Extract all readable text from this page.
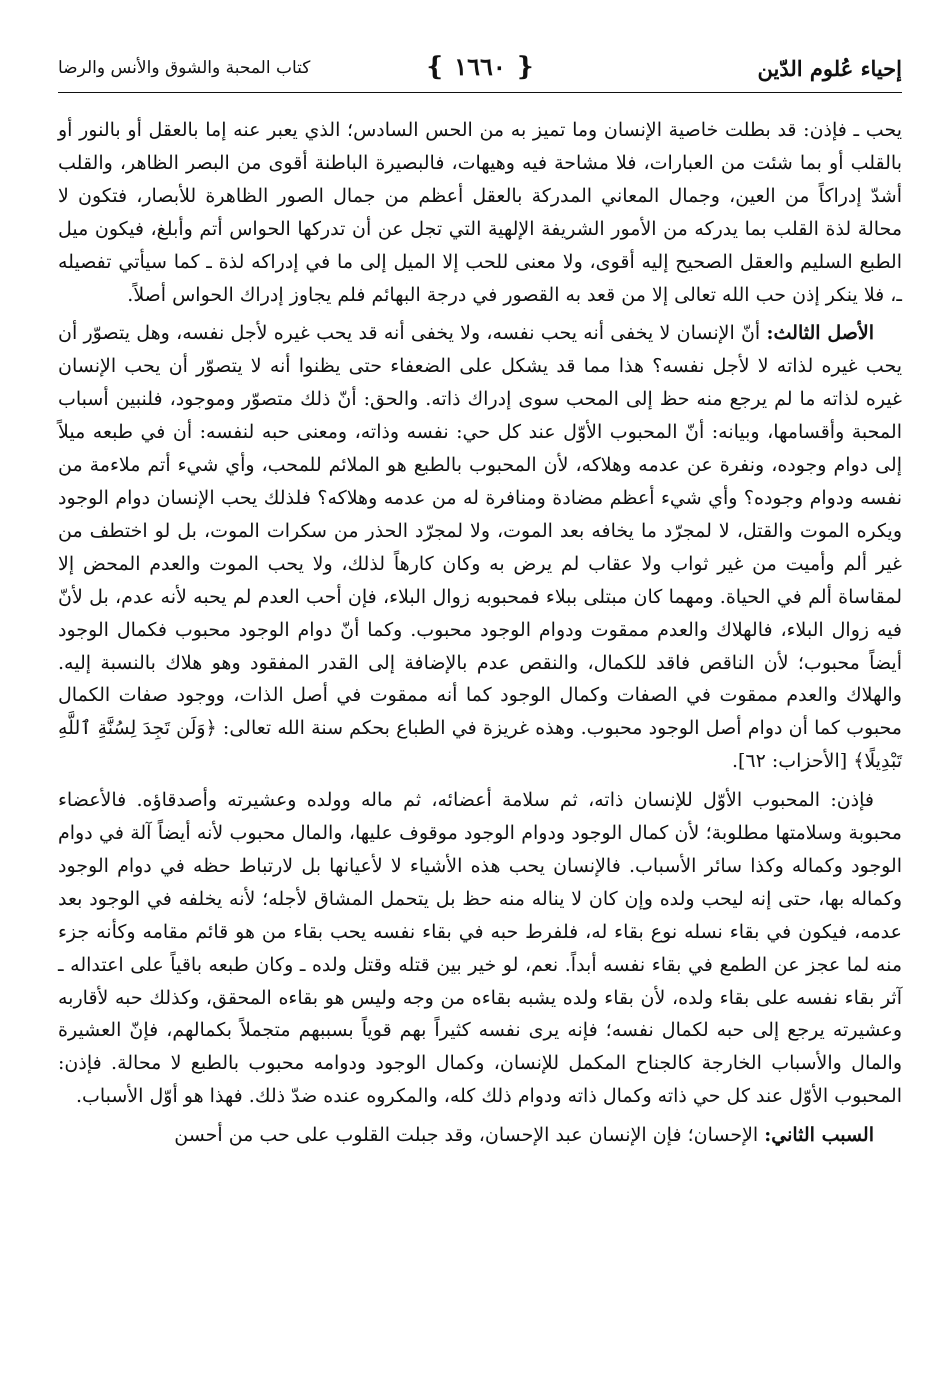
إحياء عُلوم الدّين
❴ ١٦٦٠ ❵
كتاب المحبة والشوق والأنس والرضا

يحب ـ فإذن: قد بطلت خاصية الإنسان وما تميز به من الحس السادس؛ الذي يعبر عنه إما بالعقل أو بالنور أو بالقلب أو بما شئت من العبارات، فلا مشاحة فيه وهيهات، فالبصيرة الباطنة أقوى من البصر الظاهر، والقلب أشدّ إدراكاً من العين، وجمال المعاني المدركة بالعقل أعظم من جمال الصور الظاهرة للأبصار، فتكون لا محالة لذة القلب بما يدركه من الأمور الشريفة الإلهية التي تجل عن أن تدركها الحواس أتم وأبلغ، فيكون ميل الطبع السليم والعقل الصحيح إليه أقوى، ولا معنى للحب إلا الميل إلى ما في إدراكه لذة ـ كما سيأتي تفصيله ـ، فلا ينكر إذن حب الله تعالى إلا من قعد به القصور في درجة البهائم فلم يجاوز إدراك الحواس أصلاً.

الأصل الثالث: أنّ الإنسان لا يخفى أنه يحب نفسه، ولا يخفى أنه قد يحب غيره لأجل نفسه، وهل يتصوّر أن يحب غيره لذاته لا لأجل نفسه؟ هذا مما قد يشكل على الضعفاء حتى يظنوا أنه لا يتصوّر أن يحب الإنسان غيره لذاته ما لم يرجع منه حظ إلى المحب سوى إدراك ذاته. والحق: أنّ ذلك متصوّر وموجود، فلنبين أسباب المحبة وأقسامها، وبيانه: أنّ المحبوب الأوّل عند كل حي: نفسه وذاته، ومعنى حبه لنفسه: أن في طبعه ميلاً إلى دوام وجوده، ونفرة عن عدمه وهلاكه، لأن المحبوب بالطبع هو الملائم للمحب، وأي شيء أتم ملاءمة من نفسه ودوام وجوده؟ وأي شيء أعظم مضادة ومنافرة له من عدمه وهلاكه؟ فلذلك يحب الإنسان دوام الوجود ويكره الموت والقتل، لا لمجرّد ما يخافه بعد الموت، ولا لمجرّد الحذر من سكرات الموت، بل لو اختطف من غير ألم وأميت من غير ثواب ولا عقاب لم يرض به وكان كارهاً لذلك، ولا يحب الموت والعدم المحض إلا لمقاساة ألم في الحياة. ومهما كان مبتلى ببلاء فمحبوبه زوال البلاء، فإن أحب العدم لم يحبه لأنه عدم، بل لأنّ فيه زوال البلاء، فالهلاك والعدم ممقوت ودوام الوجود محبوب. وكما أنّ دوام الوجود محبوب فكمال الوجود أيضاً محبوب؛ لأن الناقص فاقد للكمال، والنقص عدم بالإضافة إلى القدر المفقود وهو هلاك بالنسبة إليه. والهلاك والعدم ممقوت في الصفات وكمال الوجود كما أنه ممقوت في أصل الذات، ووجود صفات الكمال محبوب كما أن دوام أصل الوجود محبوب. وهذه غريزة في الطباع بحكم سنة الله تعالى: ﴿وَلَن تَجِدَ لِسُنَّةِ ٱللَّهِ تَبْدِيلًا﴾ [الأحزاب: ٦٢].

فإذن: المحبوب الأوّل للإنسان ذاته، ثم سلامة أعضائه، ثم ماله وولده وعشيرته وأصدقاؤه. فالأعضاء محبوبة وسلامتها مطلوبة؛ لأن كمال الوجود ودوام الوجود موقوف عليها، والمال محبوب لأنه أيضاً آلة في دوام الوجود وكماله وكذا سائر الأسباب. فالإنسان يحب هذه الأشياء لا لأعيانها بل لارتباط حظه في دوام الوجود وكماله بها، حتى إنه ليحب ولده وإن كان لا يناله منه حظ بل يتحمل المشاق لأجله؛ لأنه يخلفه في الوجود بعد عدمه، فيكون في بقاء نسله نوع بقاء له، فلفرط حبه في بقاء نفسه يحب بقاء من هو قائم مقامه وكأنه جزء منه لما عجز عن الطمع في بقاء نفسه أبداً. نعم، لو خير بين قتله وقتل ولده ـ وكان طبعه باقياً على اعتداله ـ آثر بقاء نفسه على بقاء ولده، لأن بقاء ولده يشبه بقاءه من وجه وليس هو بقاءه المحقق، وكذلك حبه لأقاربه وعشيرته يرجع إلى حبه لكمال نفسه؛ فإنه يرى نفسه كثيراً بهم قوياً بسببهم متجملاً بكمالهم، فإنّ العشيرة والمال والأسباب الخارجة كالجناح المكمل للإنسان، وكمال الوجود ودوامه محبوب بالطبع لا محالة. فإذن: المحبوب الأوّل عند كل حي ذاته وكمال ذاته ودوام ذلك كله، والمكروه عنده ضدّ ذلك. فهذا هو أوّل الأسباب.

السبب الثاني: الإحسان؛ فإن الإنسان عبد الإحسان، وقد جبلت القلوب على حب من أحسن
